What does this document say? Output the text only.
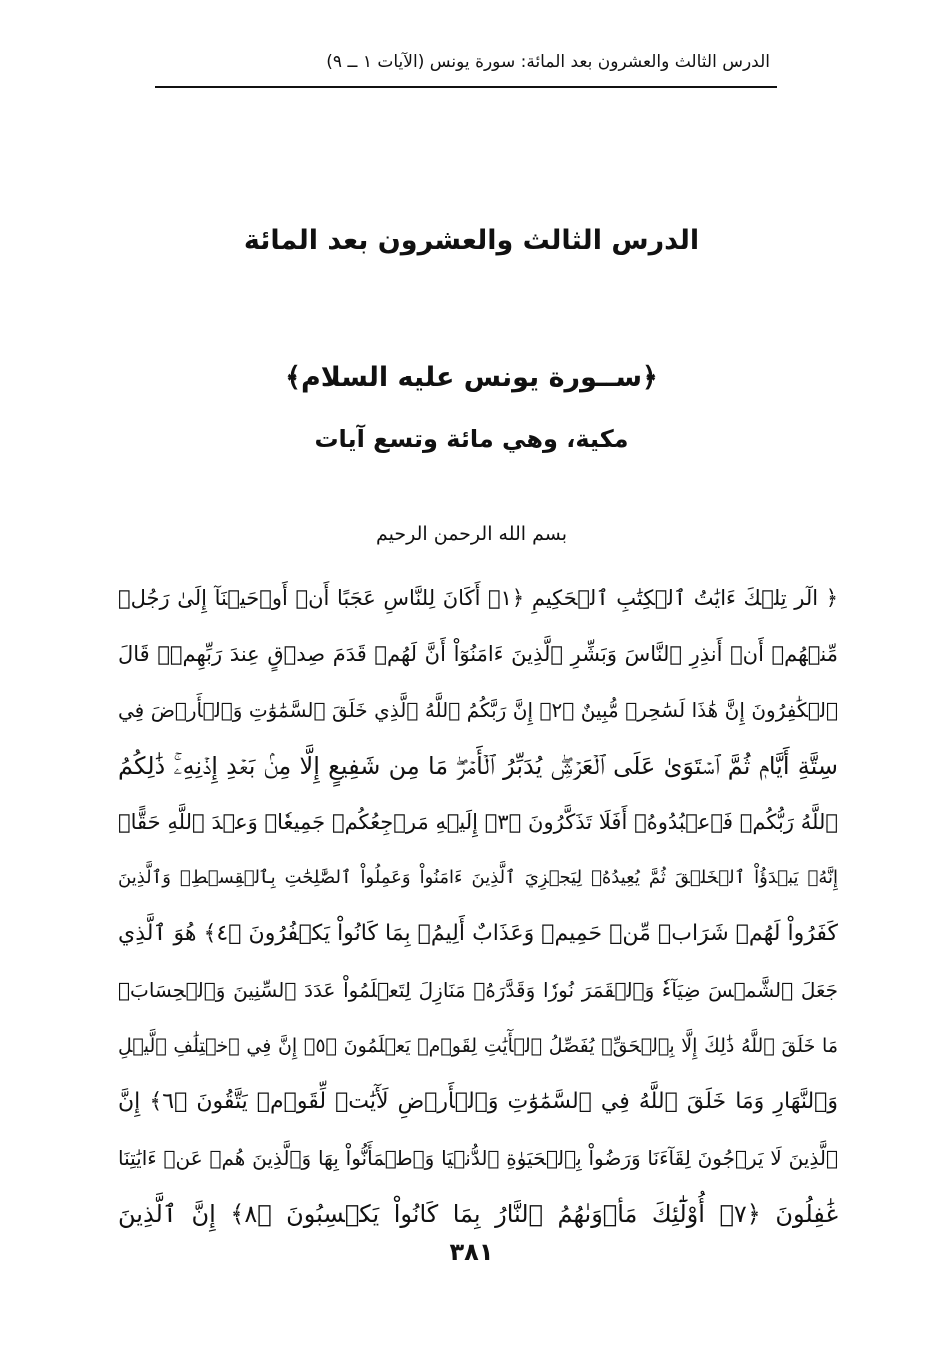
الدرس الثالث والعشرون بعد المائة: سورة يونس (الآيات ١ ــ ٩)
الدرس الثالث والعشرون بعد المائة
﴿ســورة يونس عليه السلام﴾
مكية، وهي مائة وتسع آيات
بسم الله الرحمن الرحيم
﴿ الٓر تِلۡكَ ءَايَٰتُ ٱلۡكِتَٰبِ ٱلۡحَكِيمِ ﴿١﴾ أَكَانَ لِلنَّاسِ عَجَبًا أَنۡ أَوۡحَيۡنَآ إِلَىٰ رَجُلٖ
مِّنۡهُمۡ أَنۡ أَنذِرِ ٱلنَّاسَ وَبَشِّرِ ٱلَّذِينَ ءَامَنُوٓاْ أَنَّ لَهُمۡ قَدَمَ صِدۡقٍ عِندَ رَبِّهِمۡۗ قَالَ
ٱلۡكَٰفِرُونَ إِنَّ هَٰذَا لَسَٰحِرٞ مُّبِينٌ ﴿٢﴾ إِنَّ رَبَّكُمُ ٱللَّهُ ٱلَّذِي خَلَقَ ٱلسَّمَٰوَٰتِ وَٱلۡأَرۡضَ فِي
سِتَّةِ أَيَّامٖ ثُمَّ ٱسۡتَوَىٰ عَلَى ٱلۡعَرۡشِۖ يُدَبِّرُ ٱلۡأَمۡرَۖ مَا مِن شَفِيعٍ إِلَّا مِنۢ بَعۡدِ إِذۡنِهِۦۚ ذَٰلِكُمُ
ٱللَّهُ رَبُّكُمۡ فَٱعۡبُدُوهُۚ أَفَلَا تَذَكَّرُونَ ﴿٣﴾ إِلَيۡهِ مَرۡجِعُكُمۡ جَمِيعٗاۖ وَعۡدَ ٱللَّهِ حَقًّاۚ
إِنَّهُۥ يَبۡدَؤُاْ ٱلۡخَلۡقَ ثُمَّ يُعِيدُهُۥ لِيَجۡزِيَ ٱلَّذِينَ ءَامَنُواْ وَعَمِلُواْ ٱلصَّٰلِحَٰتِ بِٱلۡقِسۡطِۚ وَٱلَّذِينَ
كَفَرُواْ لَهُمۡ شَرَابٞ مِّنۡ حَمِيمٖ وَعَذَابٌ أَلِيمُۢ بِمَا كَانُواْ يَكۡفُرُونَ ﴿٤﴾ هُوَ ٱلَّذِي
جَعَلَ ٱلشَّمۡسَ ضِيَآءٗ وَٱلۡقَمَرَ نُورٗا وَقَدَّرَهُۥ مَنَازِلَ لِتَعۡلَمُواْ عَدَدَ ٱلسِّنِينَ وَٱلۡحِسَابَۚ
مَا خَلَقَ ٱللَّهُ ذَٰلِكَ إِلَّا بِٱلۡحَقِّۚ يُفَصِّلُ ٱلۡأٓيَٰتِ لِقَوۡمٖ يَعۡلَمُونَ ﴿٥﴾ إِنَّ فِي ٱخۡتِلَٰفِ ٱلَّيۡلِ
وَٱلنَّهَارِ وَمَا خَلَقَ ٱللَّهُ فِي ٱلسَّمَٰوَٰتِ وَٱلۡأَرۡضِ لَأٓيَٰتٖ لِّقَوۡمٖ يَتَّقُونَ ﴿٦﴾ إِنَّ
ٱلَّذِينَ لَا يَرۡجُونَ لِقَآءَنَا وَرَضُواْ بِٱلۡحَيَوٰةِ ٱلدُّنۡيَا وَٱطۡمَأَنُّواْ بِهَا وَٱلَّذِينَ هُمۡ عَنۡ ءَايَٰتِنَا
غَٰفِلُونَ ﴿٧﴾ أُوْلَٰٓئِكَ مَأۡوَىٰهُمُ ٱلنَّارُ بِمَا كَانُواْ يَكۡسِبُونَ ﴿٨﴾ إِنَّ ٱلَّذِينَ
٣٨١
